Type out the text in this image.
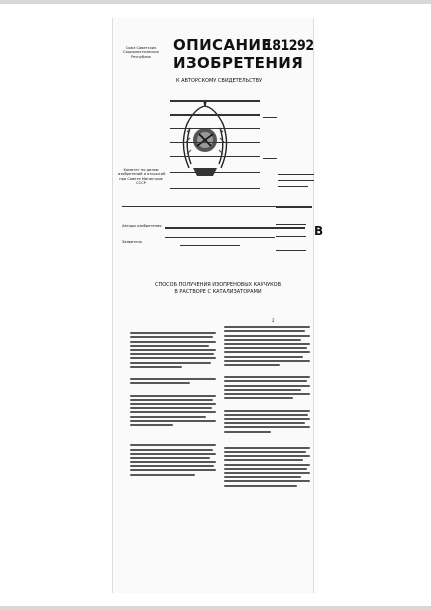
Союз Советских
Социалистических
Республик
Комитет по делам
изобретений и открытий
при Совете Министров
СССР
ОПИСАНИЕ
ИЗОБРЕТЕНИЯ
181292
К АВТОРСКОМУ СВИДЕТЕЛЬСТВУ
Авторы изобретения
Заявитель
B
СПОСОБ ПОЛУЧЕНИЯ ИЗОПРЕНОВЫХ КАУЧУКОВ
В РАСТВОРЕ С КАТАЛИЗАТОРАМИ
2
